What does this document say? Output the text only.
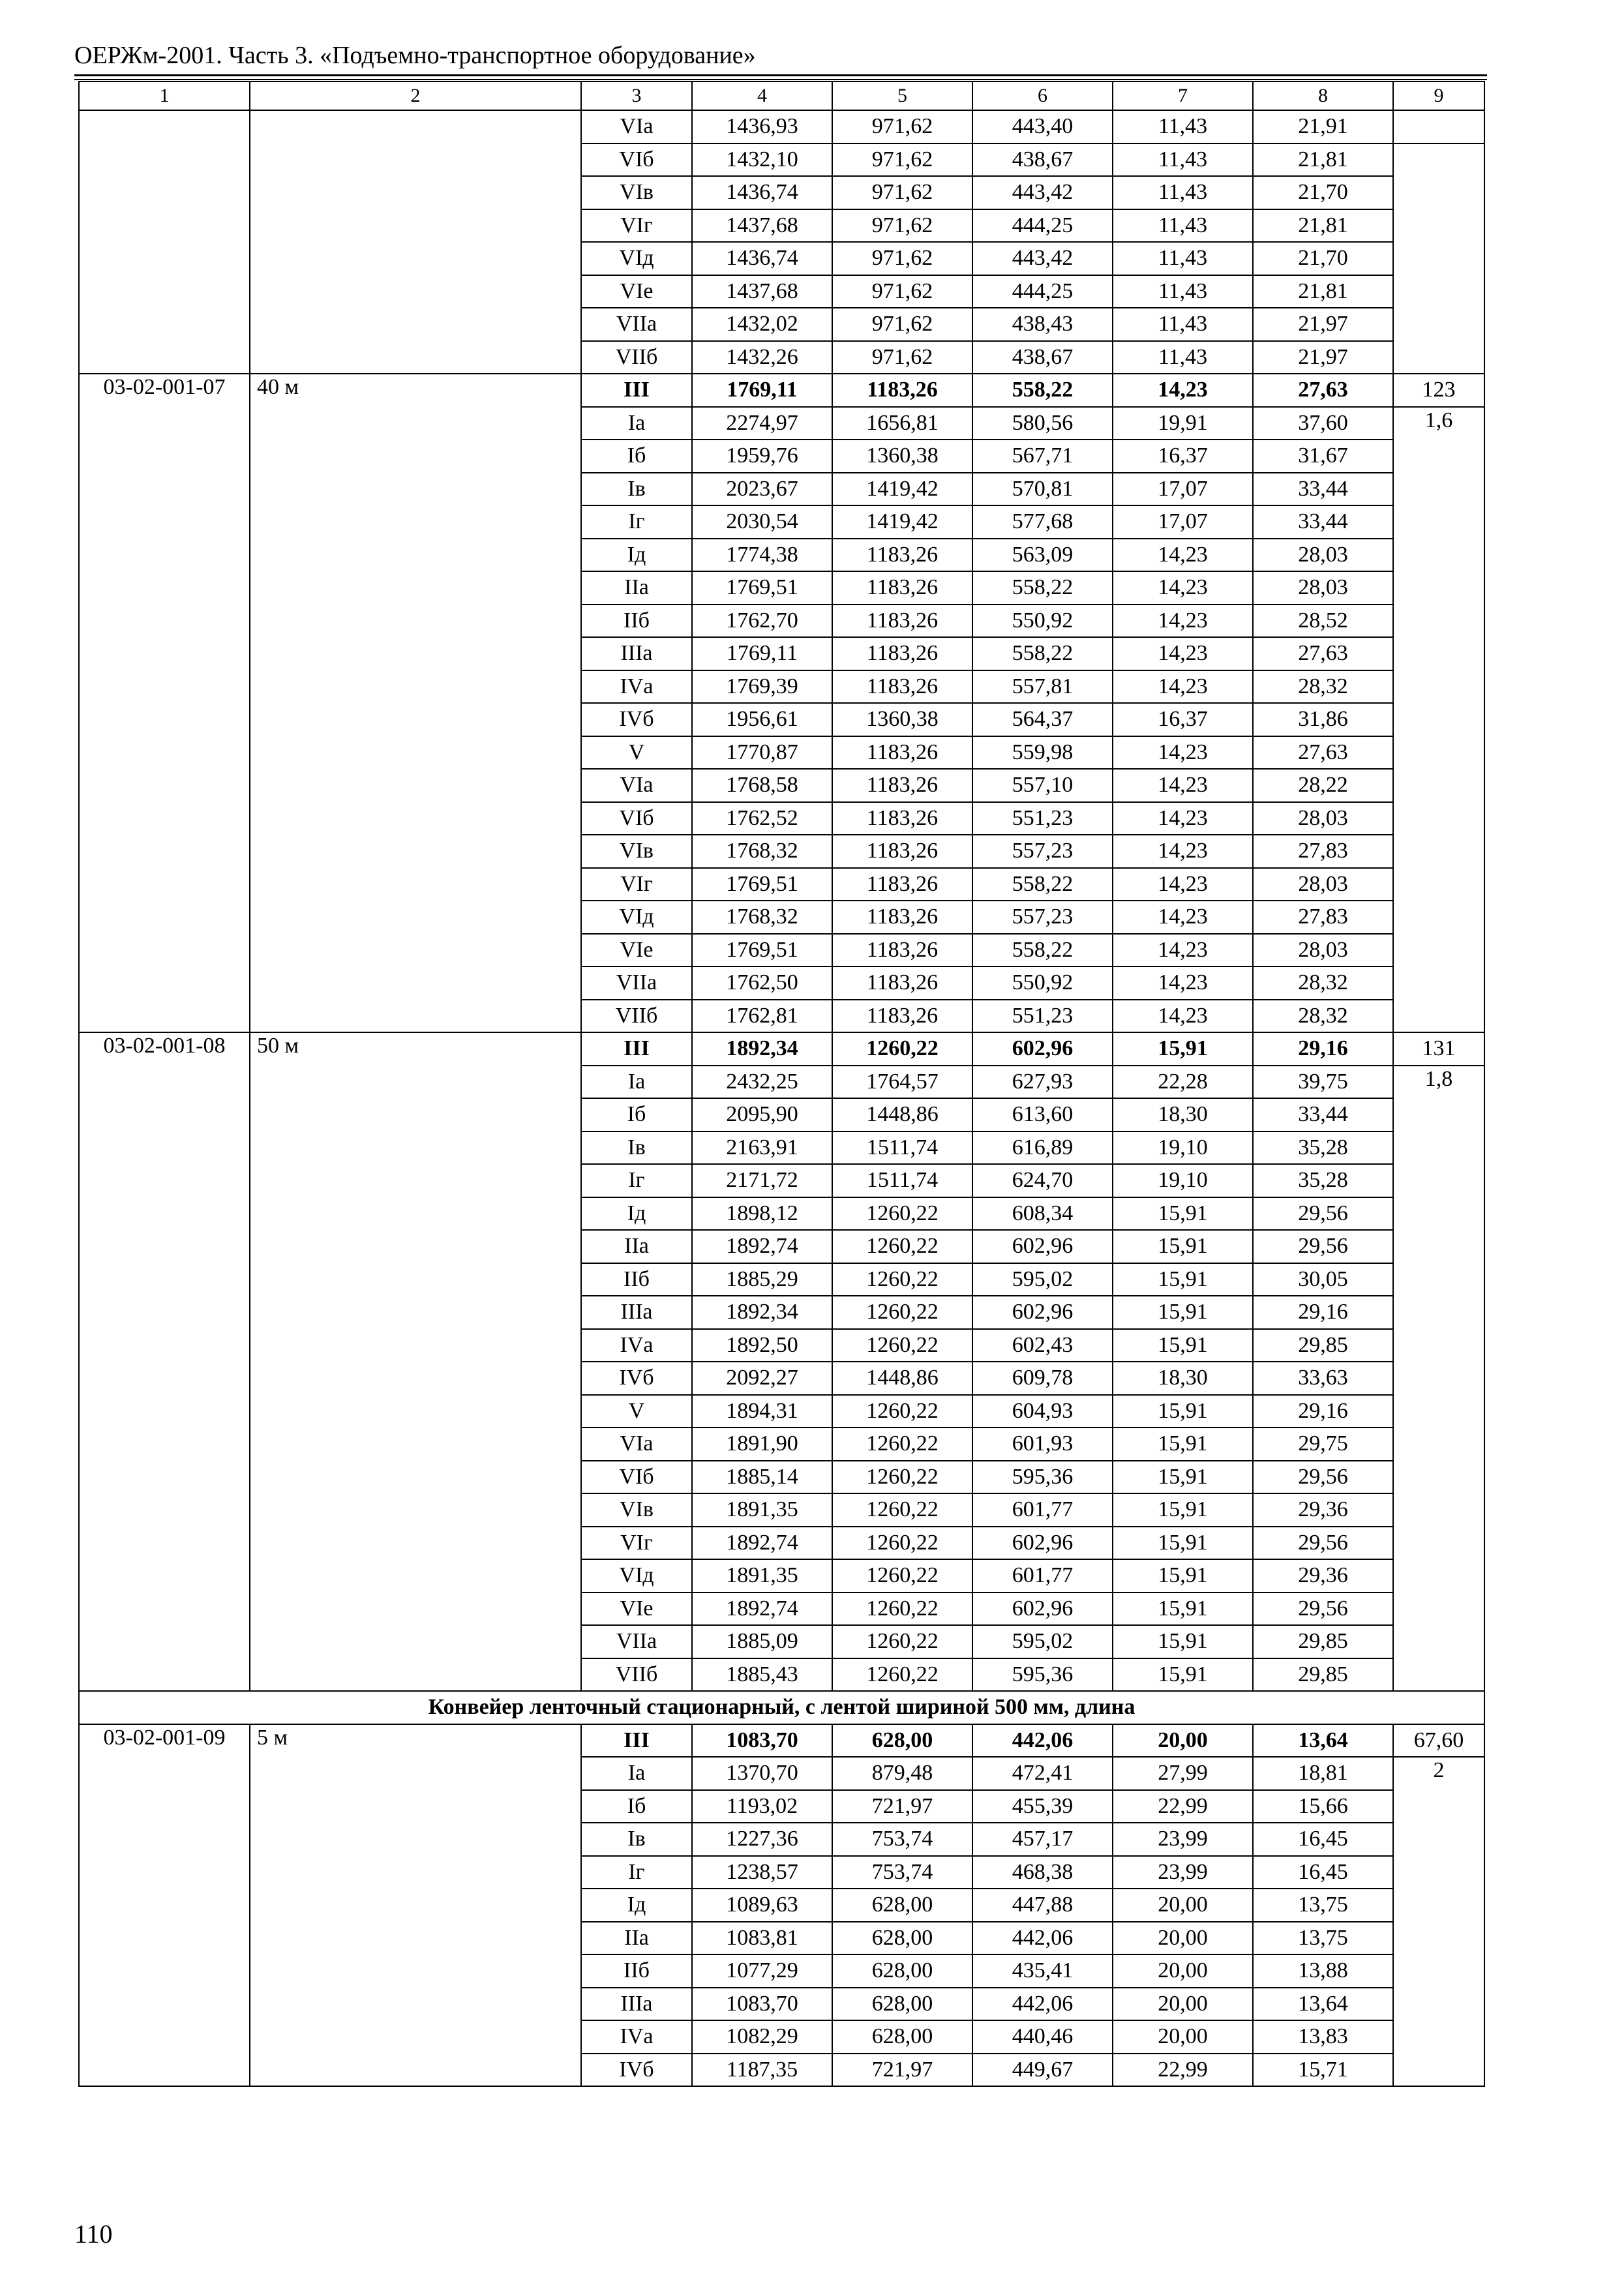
ОЕРЖм-2001. Часть 3. «Подъемно-транспортное оборудование»
1	2	3	4	5	6	7	8	9
		VIа	1436,93	971,62	443,40	11,43	21,91	
		VIб	1432,10	971,62	438,67	11,43	21,81	
		VIв	1436,74	971,62	443,42	11,43	21,70	
		VIг	1437,68	971,62	444,25	11,43	21,81	
		VIд	1436,74	971,62	443,42	11,43	21,70	
		VIе	1437,68	971,62	444,25	11,43	21,81	
		VIIа	1432,02	971,62	438,43	11,43	21,97	
		VIIб	1432,26	971,62	438,67	11,43	21,97	
03-02-001-07	40 м	III	1769,11	1183,26	558,22	14,23	27,63	123
		Iа	2274,97	1656,81	580,56	19,91	37,60	1,6
		Iб	1959,76	1360,38	567,71	16,37	31,67	
		Iв	2023,67	1419,42	570,81	17,07	33,44	
		Iг	2030,54	1419,42	577,68	17,07	33,44	
		Iд	1774,38	1183,26	563,09	14,23	28,03	
		IIа	1769,51	1183,26	558,22	14,23	28,03	
		IIб	1762,70	1183,26	550,92	14,23	28,52	
		IIIа	1769,11	1183,26	558,22	14,23	27,63	
		IVа	1769,39	1183,26	557,81	14,23	28,32	
		IVб	1956,61	1360,38	564,37	16,37	31,86	
		V	1770,87	1183,26	559,98	14,23	27,63	
		VIа	1768,58	1183,26	557,10	14,23	28,22	
		VIб	1762,52	1183,26	551,23	14,23	28,03	
		VIв	1768,32	1183,26	557,23	14,23	27,83	
		VIг	1769,51	1183,26	558,22	14,23	28,03	
		VIд	1768,32	1183,26	557,23	14,23	27,83	
		VIе	1769,51	1183,26	558,22	14,23	28,03	
		VIIа	1762,50	1183,26	550,92	14,23	28,32	
		VIIб	1762,81	1183,26	551,23	14,23	28,32	
03-02-001-08	50 м	III	1892,34	1260,22	602,96	15,91	29,16	131
		Iа	2432,25	1764,57	627,93	22,28	39,75	1,8
		Iб	2095,90	1448,86	613,60	18,30	33,44	
		Iв	2163,91	1511,74	616,89	19,10	35,28	
		Iг	2171,72	1511,74	624,70	19,10	35,28	
		Iд	1898,12	1260,22	608,34	15,91	29,56	
		IIа	1892,74	1260,22	602,96	15,91	29,56	
		IIб	1885,29	1260,22	595,02	15,91	30,05	
		IIIа	1892,34	1260,22	602,96	15,91	29,16	
		IVа	1892,50	1260,22	602,43	15,91	29,85	
		IVб	2092,27	1448,86	609,78	18,30	33,63	
		V	1894,31	1260,22	604,93	15,91	29,16	
		VIа	1891,90	1260,22	601,93	15,91	29,75	
		VIб	1885,14	1260,22	595,36	15,91	29,56	
		VIв	1891,35	1260,22	601,77	15,91	29,36	
		VIг	1892,74	1260,22	602,96	15,91	29,56	
		VIд	1891,35	1260,22	601,77	15,91	29,36	
		VIе	1892,74	1260,22	602,96	15,91	29,56	
		VIIа	1885,09	1260,22	595,02	15,91	29,85	
		VIIб	1885,43	1260,22	595,36	15,91	29,85	
Конвейер ленточный стационарный, с лентой шириной 500 мм, длина								
03-02-001-09	5 м	III	1083,70	628,00	442,06	20,00	13,64	67,60
		Iа	1370,70	879,48	472,41	27,99	18,81	2
		Iб	1193,02	721,97	455,39	22,99	15,66	
		Iв	1227,36	753,74	457,17	23,99	16,45	
		Iг	1238,57	753,74	468,38	23,99	16,45	
		Iд	1089,63	628,00	447,88	20,00	13,75	
		IIа	1083,81	628,00	442,06	20,00	13,75	
		IIб	1077,29	628,00	435,41	20,00	13,88	
		IIIа	1083,70	628,00	442,06	20,00	13,64	
		IVа	1082,29	628,00	440,46	20,00	13,83	
		IVб	1187,35	721,97	449,67	22,99	15,71	
110
